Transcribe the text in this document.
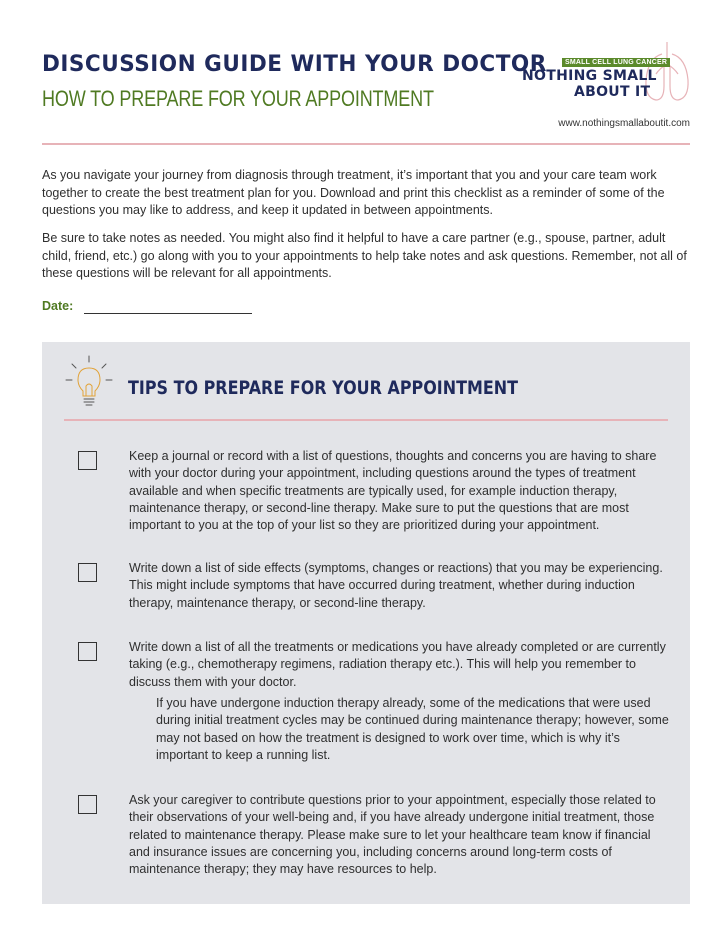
DISCUSSION GUIDE WITH YOUR DOCTOR
HOW TO PREPARE FOR YOUR APPOINTMENT
SMALL CELL LUNG CANCER
NOTHING SMALL
ABOUT IT
www.nothingsmallaboutit.com

As you navigate your journey from diagnosis through treatment, it’s important that you and your care team work together to create the best treatment plan for you. Download and print this checklist as a reminder of some of the questions you may like to address, and keep it updated in between appointments.

Be sure to take notes as needed. You might also find it helpful to have a care partner (e.g., spouse, partner, adult child, friend, etc.) go along with you to your appointments to help take notes and ask questions. Remember, not all of these questions will be relevant for all appointments.

Date:
TIPS TO PREPARE FOR YOUR APPOINTMENT

Keep a journal or record with a list of questions, thoughts and concerns you are having to share with your doctor during your appointment, including questions around the types of treatment available and when specific treatments are typically used, for example induction therapy, maintenance therapy, or second-line therapy. Make sure to put the questions that are most important to you at the top of your list so they are prioritized during your appointment.

Write down a list of side effects (symptoms, changes or reactions) that you may be experiencing. This might include symptoms that have occurred during treatment, whether during induction therapy, maintenance therapy, or second-line therapy.

Write down a list of all the treatments or medications you have already completed or are currently taking (e.g., chemotherapy regimens, radiation therapy etc.). This will help you remember to discuss them with your doctor.

If you have undergone induction therapy already, some of the medications that were used during initial treatment cycles may be continued during maintenance therapy; however, some may not based on how the treatment is designed to work over time, which is why it’s important to keep a running list.

Ask your caregiver to contribute questions prior to your appointment, especially those related to their observations of your well-being and, if you have already undergone initial treatment, those related to maintenance therapy. Please make sure to let your healthcare team know if financial and insurance issues are concerning you, including concerns around long-term costs of maintenance therapy; they may have resources to help.
